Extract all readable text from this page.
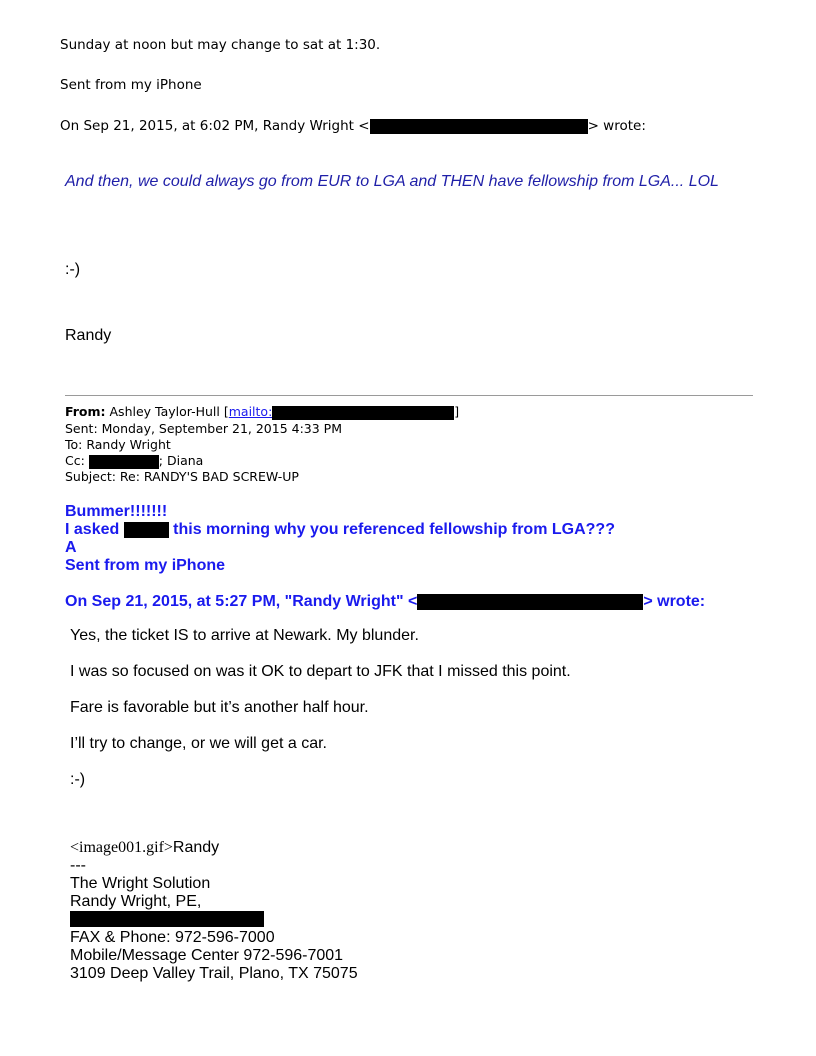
Sunday at noon but may change to sat at 1:30.
Sent from my iPhone
On Sep 21, 2015, at 6:02 PM, Randy Wright <	> wrote:
And then, we could always go from EUR to LGA and THEN have fellowship from LGA... LOL
:-)
Randy
From: Ashley Taylor-Hull [mailto:	]
Sent: Monday, September 21, 2015 4:33 PM
To: Randy Wright
Cc:	; Diana
Subject: Re: RANDY'S BAD SCREW-UP
Bummer!!!!!!!
I asked	this morning why you referenced fellowship from LGA???
A
Sent from my iPhone
On Sep 21, 2015, at 5:27 PM, "Randy Wright" <	> wrote:
Yes, the ticket IS to arrive at Newark. My blunder.
I was so focused on was it OK to depart to JFK that I missed this point.
Fare is favorable but it’s another half hour.
I’ll try to change, or we will get a car.
:-)
<image001.gif>Randy
---
The Wright Solution
Randy Wright, PE,
FAX & Phone: 972-596-7000
Mobile/Message Center 972-596-7001
3109 Deep Valley Trail, Plano, TX 75075
